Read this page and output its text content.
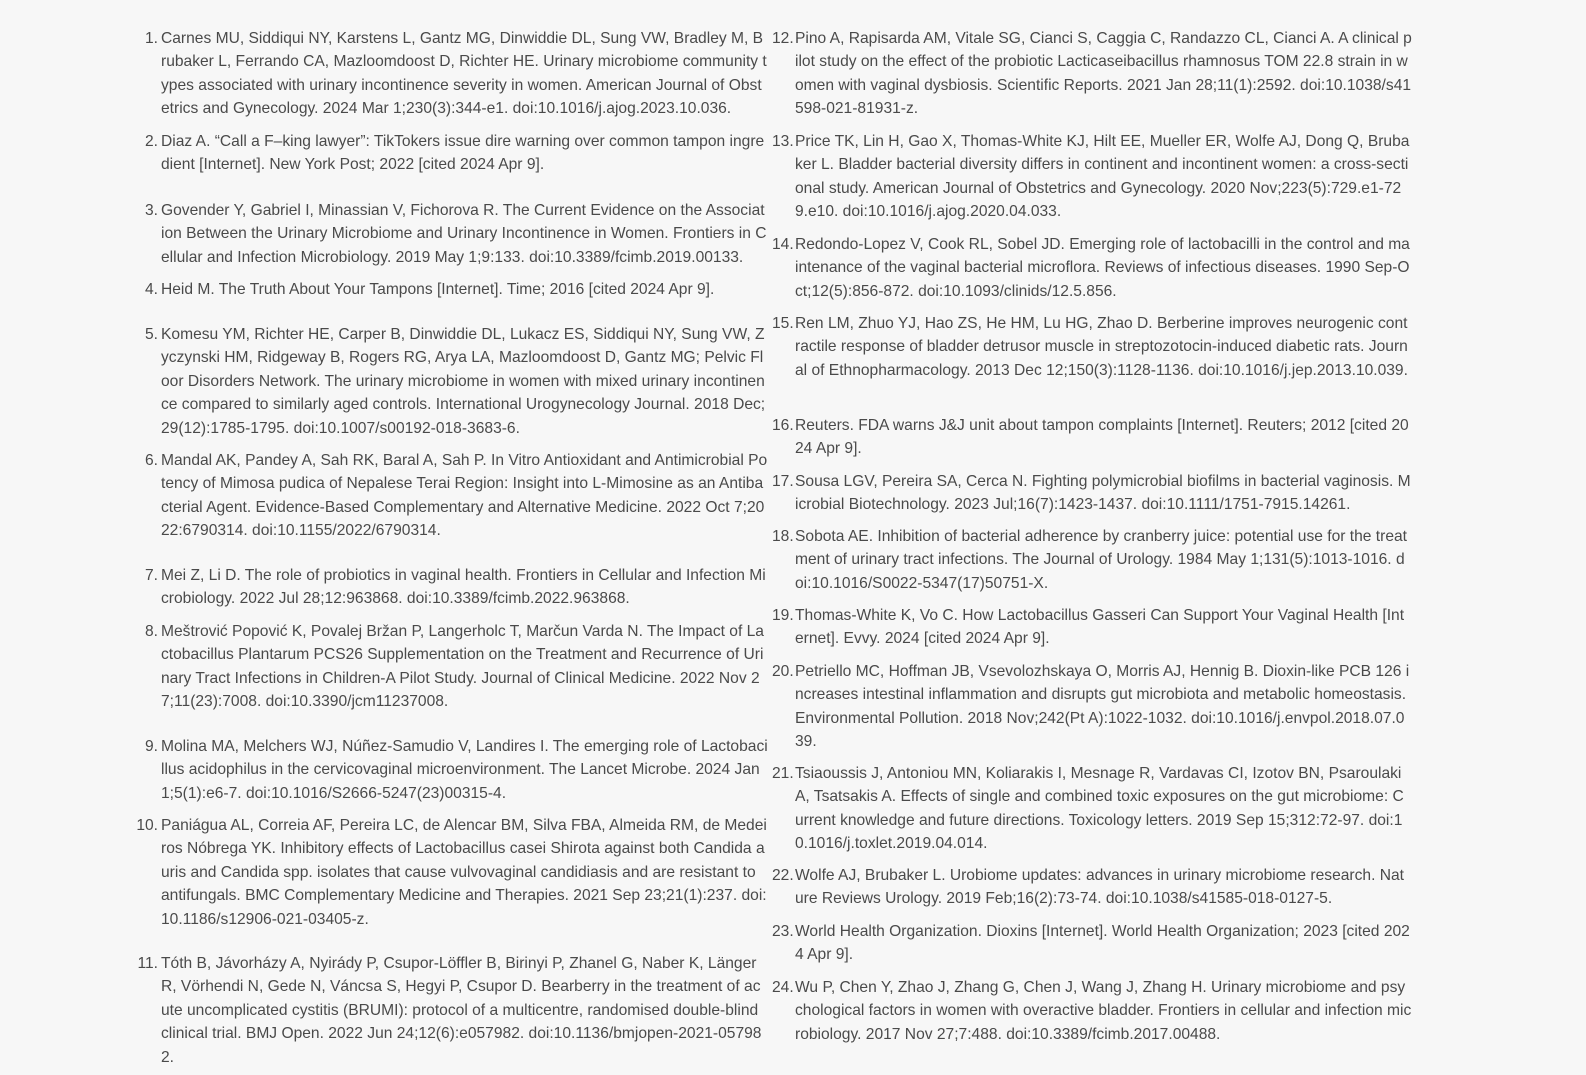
1. Carnes MU, Siddiqui NY, Karstens L, Gantz MG, Dinwiddie DL, Sung VW, Bradley M, Brubaker L, Ferrando CA, Mazloomdoost D, Richter HE. Urinary microbiome community types associated with urinary incontinence severity in women. American Journal of Obstetrics and Gynecology. 2024 Mar 1;230(3):344-e1. doi:10.1016/j.ajog.2023.10.036.
2. Diaz A. “Call a F–king lawyer”: TikTokers issue dire warning over common tampon ingredient [Internet]. New York Post; 2022 [cited 2024 Apr 9].
3. Govender Y, Gabriel I, Minassian V, Fichorova R. The Current Evidence on the Association Between the Urinary Microbiome and Urinary Incontinence in Women. Frontiers in Cellular and Infection Microbiology. 2019 May 1;9:133. doi:10.3389/fcimb.2019.00133.
4. Heid M. The Truth About Your Tampons [Internet]. Time; 2016 [cited 2024 Apr 9].
5. Komesu YM, Richter HE, Carper B, Dinwiddie DL, Lukacz ES, Siddiqui NY, Sung VW, Zyczynski HM, Ridgeway B, Rogers RG, Arya LA, Mazloomdoost D, Gantz MG; Pelvic Floor Disorders Network. The urinary microbiome in women with mixed urinary incontinence compared to similarly aged controls. International Urogynecology Journal. 2018 Dec;29(12):1785-1795. doi:10.1007/s00192-018-3683-6.
6. Mandal AK, Pandey A, Sah RK, Baral A, Sah P. In Vitro Antioxidant and Antimicrobial Potency of Mimosa pudica of Nepalese Terai Region: Insight into L-Mimosine as an Antibacterial Agent. Evidence-Based Complementary and Alternative Medicine. 2022 Oct 7;2022:6790314. doi:10.1155/2022/6790314.
7. Mei Z, Li D. The role of probiotics in vaginal health. Frontiers in Cellular and Infection Microbiology. 2022 Jul 28;12:963868. doi:10.3389/fcimb.2022.963868.
8. Meštrović Popović K, Povalej Bržan P, Langerholc T, Marčun Varda N. The Impact of Lactobacillus Plantarum PCS26 Supplementation on the Treatment and Recurrence of Urinary Tract Infections in Children-A Pilot Study. Journal of Clinical Medicine. 2022 Nov 27;11(23):7008. doi:10.3390/jcm11237008.
9. Molina MA, Melchers WJ, Núñez-Samudio V, Landires I. The emerging role of Lactobacillus acidophilus in the cervicovaginal microenvironment. The Lancet Microbe. 2024 Jan 1;5(1):e6-7. doi:10.1016/S2666-5247(23)00315-4.
10. Paniágua AL, Correia AF, Pereira LC, de Alencar BM, Silva FBA, Almeida RM, de Medeiros Nóbrega YK. Inhibitory effects of Lactobacillus casei Shirota against both Candida auris and Candida spp. isolates that cause vulvovaginal candidiasis and are resistant to antifungals. BMC Complementary Medicine and Therapies. 2021 Sep 23;21(1):237. doi:10.1186/s12906-021-03405-z.
11. Tóth B, Jávorházy A, Nyirády P, Csupor-Löffler B, Birinyi P, Zhanel G, Naber K, Länger R, Vörhendi N, Gede N, Váncsa S, Hegyi P, Csupor D. Bearberry in the treatment of acute uncomplicated cystitis (BRUMI): protocol of a multicentre, randomised double-blind clinical trial. BMJ Open. 2022 Jun 24;12(6):e057982. doi:10.1136/bmjopen-2021-057982.
12. Pino A, Rapisarda AM, Vitale SG, Cianci S, Caggia C, Randazzo CL, Cianci A. A clinical pilot study on the effect of the probiotic Lacticaseibacillus rhamnosus TOM 22.8 strain in women with vaginal dysbiosis. Scientific Reports. 2021 Jan 28;11(1):2592. doi:10.1038/s41598-021-81931-z.
13. Price TK, Lin H, Gao X, Thomas-White KJ, Hilt EE, Mueller ER, Wolfe AJ, Dong Q, Brubaker L. Bladder bacterial diversity differs in continent and incontinent women: a cross-sectional study. American Journal of Obstetrics and Gynecology. 2020 Nov;223(5):729.e1-729.e10. doi:10.1016/j.ajog.2020.04.033.
14. Redondo-Lopez V, Cook RL, Sobel JD. Emerging role of lactobacilli in the control and maintenance of the vaginal bacterial microflora. Reviews of infectious diseases. 1990 Sep-Oct;12(5):856-872. doi:10.1093/clinids/12.5.856.
15. Ren LM, Zhuo YJ, Hao ZS, He HM, Lu HG, Zhao D. Berberine improves neurogenic contractile response of bladder detrusor muscle in streptozotocin-induced diabetic rats. Journal of Ethnopharmacology. 2013 Dec 12;150(3):1128-1136. doi:10.1016/j.jep.2013.10.039.
16. Reuters. FDA warns J&J unit about tampon complaints [Internet]. Reuters; 2012 [cited 2024 Apr 9].
17. Sousa LGV, Pereira SA, Cerca N. Fighting polymicrobial biofilms in bacterial vaginosis. Microbial Biotechnology. 2023 Jul;16(7):1423-1437. doi:10.1111/1751-7915.14261.
18. Sobota AE. Inhibition of bacterial adherence by cranberry juice: potential use for the treatment of urinary tract infections. The Journal of Urology. 1984 May 1;131(5):1013-1016. doi:10.1016/S0022-5347(17)50751-X.
19. Thomas-White K, Vo C. How Lactobacillus Gasseri Can Support Your Vaginal Health [Internet]. Evvy. 2024 [cited 2024 Apr 9].
20. Petriello MC, Hoffman JB, Vsevolozhskaya O, Morris AJ, Hennig B. Dioxin-like PCB 126 increases intestinal inflammation and disrupts gut microbiota and metabolic homeostasis. Environmental Pollution. 2018 Nov;242(Pt A):1022-1032. doi:10.1016/j.envpol.2018.07.039.
21. Tsiaoussis J, Antoniou MN, Koliarakis I, Mesnage R, Vardavas CI, Izotov BN, Psaroulaki A, Tsatsakis A. Effects of single and combined toxic exposures on the gut microbiome: Current knowledge and future directions. Toxicology letters. 2019 Sep 15;312:72-97. doi:10.1016/j.toxlet.2019.04.014.
22. Wolfe AJ, Brubaker L. Urobiome updates: advances in urinary microbiome research. Nature Reviews Urology. 2019 Feb;16(2):73-74. doi:10.1038/s41585-018-0127-5.
23. World Health Organization. Dioxins [Internet]. World Health Organization; 2023 [cited 2024 Apr 9].
24. Wu P, Chen Y, Zhao J, Zhang G, Chen J, Wang J, Zhang H. Urinary microbiome and psychological factors in women with overactive bladder. Frontiers in cellular and infection microbiology. 2017 Nov 27;7:488. doi:10.3389/fcimb.2017.00488.
